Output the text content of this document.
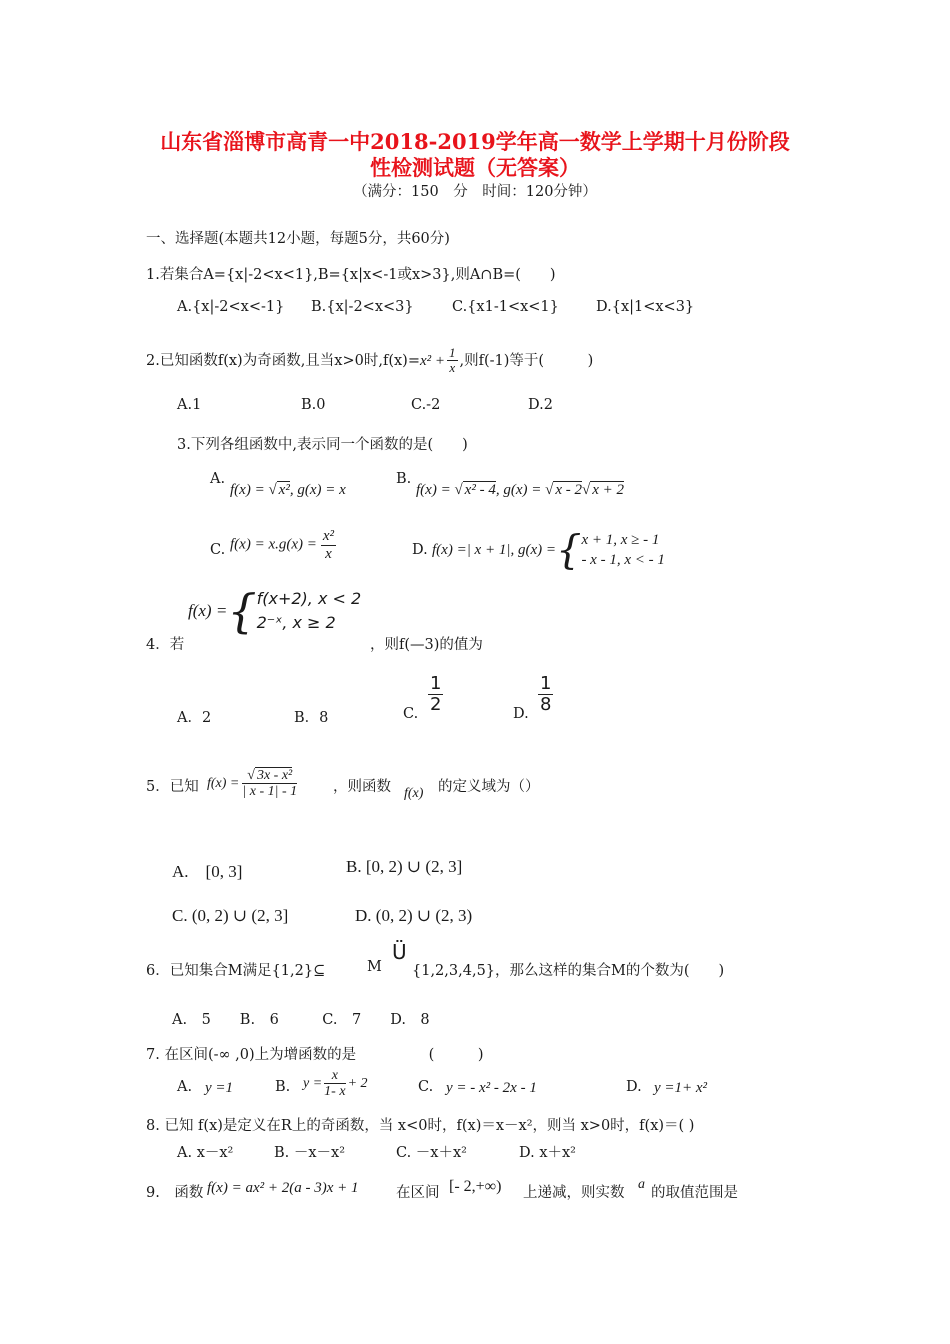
山东省淄博市高青一中2018-2019学年高一数学上学期十月份阶段
性检测试题（无答案）
（满分：150　分　时间：120分钟）
一、选择题(本题共12小题，每题5分，共60分)
1.若集合A={x|-2<x<1},B={x|x<-1或x>3},则A∩B=(　　)
A.{x|-2<x<-1} B.{x|-2<x<3}	C.{x1-1<x<1}	D.{x|1<x<3}
2.已知函数f(x)为奇函数,且当x>0时$,f(x)=x^2 + \frac{1}{x}$ ,则f(-1)等于(　　　)
A.1	B.0	C.-2	D.2
3.下列各组函数中,表示同一个函数的是(　　)
A.
f(x) = √ x², g(x) = x
B.
f(x) = √ x² - 4, g(x) = √ x - 2√ x + 2
C. $f(x) = x.g(x) = \frac{\text{x²}}{x}$	D. f(x) =| x + 1|, g(x) ={ x + 1, x ≥ - 1
- x - 1, x < - 1
f(x) ={ f(x+2), x < 2
2⁻ˣ, x ≥ 2
4．若	，则f(—3)的值为
A．2	B．8	C. $\frac{1}{2}$	D. $\frac{1}{8}$
5．已知 $f(x) = \frac{\text{√ 3x - x²}}{| x - 1| - 1}$ ，则函数 f(x) 的定义域为（）
A.　[0, 3]	B. [0, 2) ∪ (2, 3]
C. (0, 2) ∪ (2, 3]	D. (0, 2) ∪ (2, 3)
6．已知集合M满足{1,2}⊆	M
Ü
{1,2,3,4,5}，那么这样的集合M的个数为(　　)
A.　5　　B.　6　　　C.　7　　D.　8
7. 在区间(-∞ ,0)上为增函数的是　　　　　(　　　)
A. y =1	B. $y = \frac{x}{1- x} + 2$	C. y = - x² - 2x - 1	D. y =1+ x²
8. 已知 f(x)是定义在R上的奇函数，当 x<0时，f(x)＝x－x²，则当 x>0时，f(x)＝( )
A. x－x²	B. －x－x²	C. －x＋x²	D. x＋x²
9.　函数 f(x) = ax² + 2(a - 3)x + 1	在区间 [- 2,+∞) 上递减，则实数
a
的取值范围是
